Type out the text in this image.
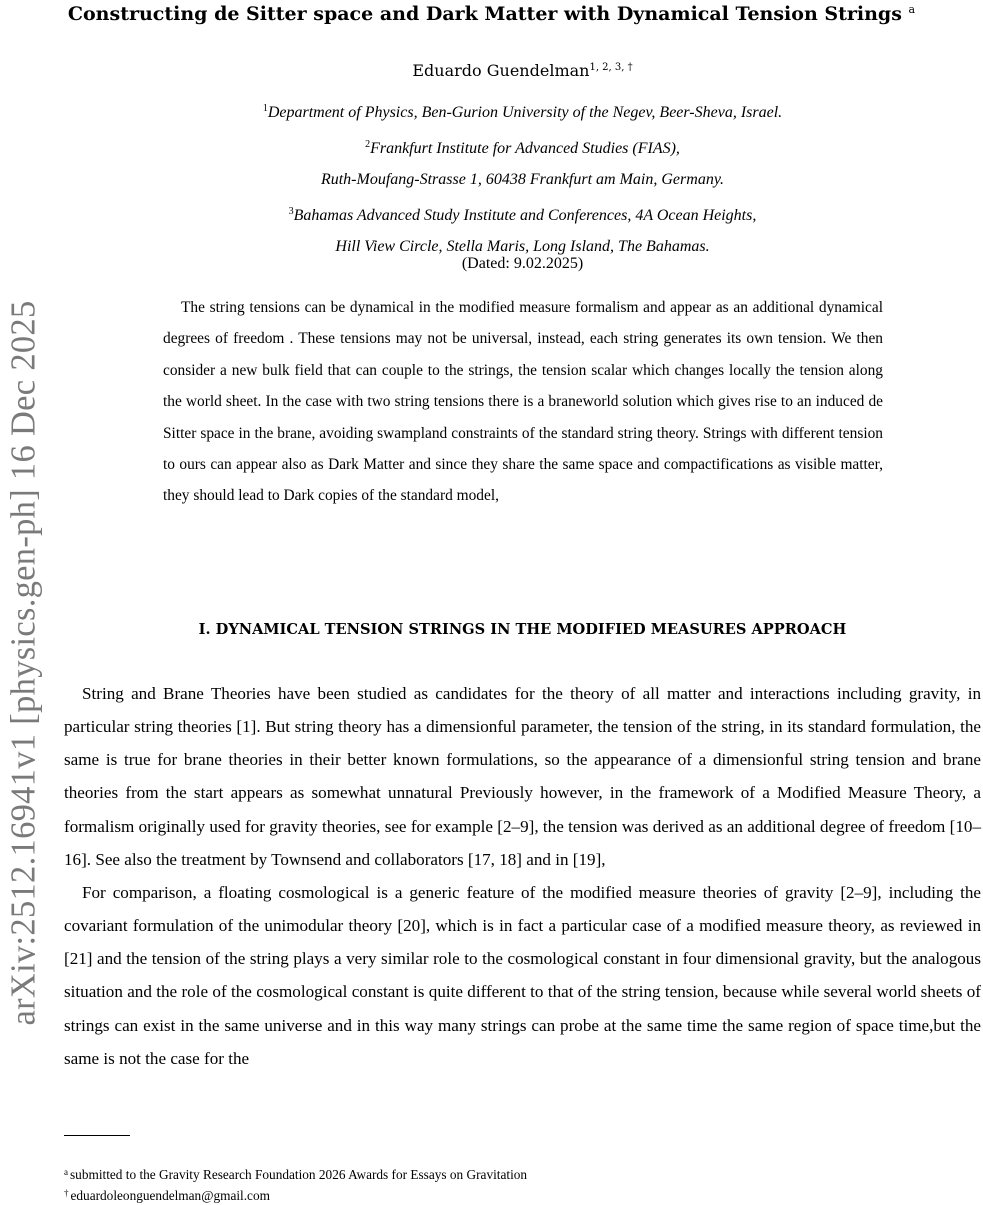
arXiv:2512.16941v1 [physics.gen-ph] 16 Dec 2025
Constructing de Sitter space and Dark Matter with Dynamical Tension Strings $^a$
Eduardo Guendelman$^{1, 2, 3, \dagger}$
$^1$Department of Physics, Ben-Gurion University of the Negev, Beer-Sheva, Israel.
$^2$Frankfurt Institute for Advanced Studies (FIAS),
Ruth-Moufang-Strasse 1, 60438 Frankfurt am Main, Germany.
$^3$Bahamas Advanced Study Institute and Conferences, 4A Ocean Heights,
Hill View Circle, Stella Maris, Long Island, The Bahamas.
(Dated: 9.02.2025)
The string tensions can be dynamical in the modified measure formalism and appear as an additional dynamical degrees of freedom . These tensions may not be universal, instead, each string generates its own tension. We then consider a new bulk field that can couple to the strings, the tension scalar which changes locally the tension along the world sheet. In the case with two string tensions there is a braneworld solution which gives rise to an induced de Sitter space in the brane, avoiding swampland constraints of the standard string theory. Strings with different tension to ours can appear also as Dark Matter and since they share the same space and compactifications as visible matter, they should lead to Dark copies of the standard model,
I. DYNAMICAL TENSION STRINGS IN THE MODIFIED MEASURES APPROACH

String and Brane Theories have been studied as candidates for the theory of all matter and interactions including gravity, in particular string theories [1]. But string theory has a dimensionful parameter, the tension of the string, in its standard formulation, the same is true for brane theories in their better known formulations, so the appearance of a dimensionful string tension and brane theories from the start appears as somewhat unnatural Previously however, in the framework of a Modified Measure Theory, a formalism originally used for gravity theories, see for example [2–9], the tension was derived as an additional degree of freedom [10–16]. See also the treatment by Townsend and collaborators [17, 18] and in [19],

For comparison, a floating cosmological is a generic feature of the modified measure theories of gravity [2–9], including the covariant formulation of the unimodular theory [20], which is in fact a particular case of a modified measure theory, as reviewed in [21] and the tension of the string plays a very similar role to the cosmological constant in four dimensional gravity, but the analogous situation and the role of the cosmological constant is quite different to that of the string tension, because while several world sheets of strings can exist in the same universe and in this way many strings can probe at the same time the same region of space time,but the same is not the case for the

$^a$ submitted to the Gravity Research Foundation 2026 Awards for Essays on Gravitation
† eduardoleonguendelman@gmail.com
